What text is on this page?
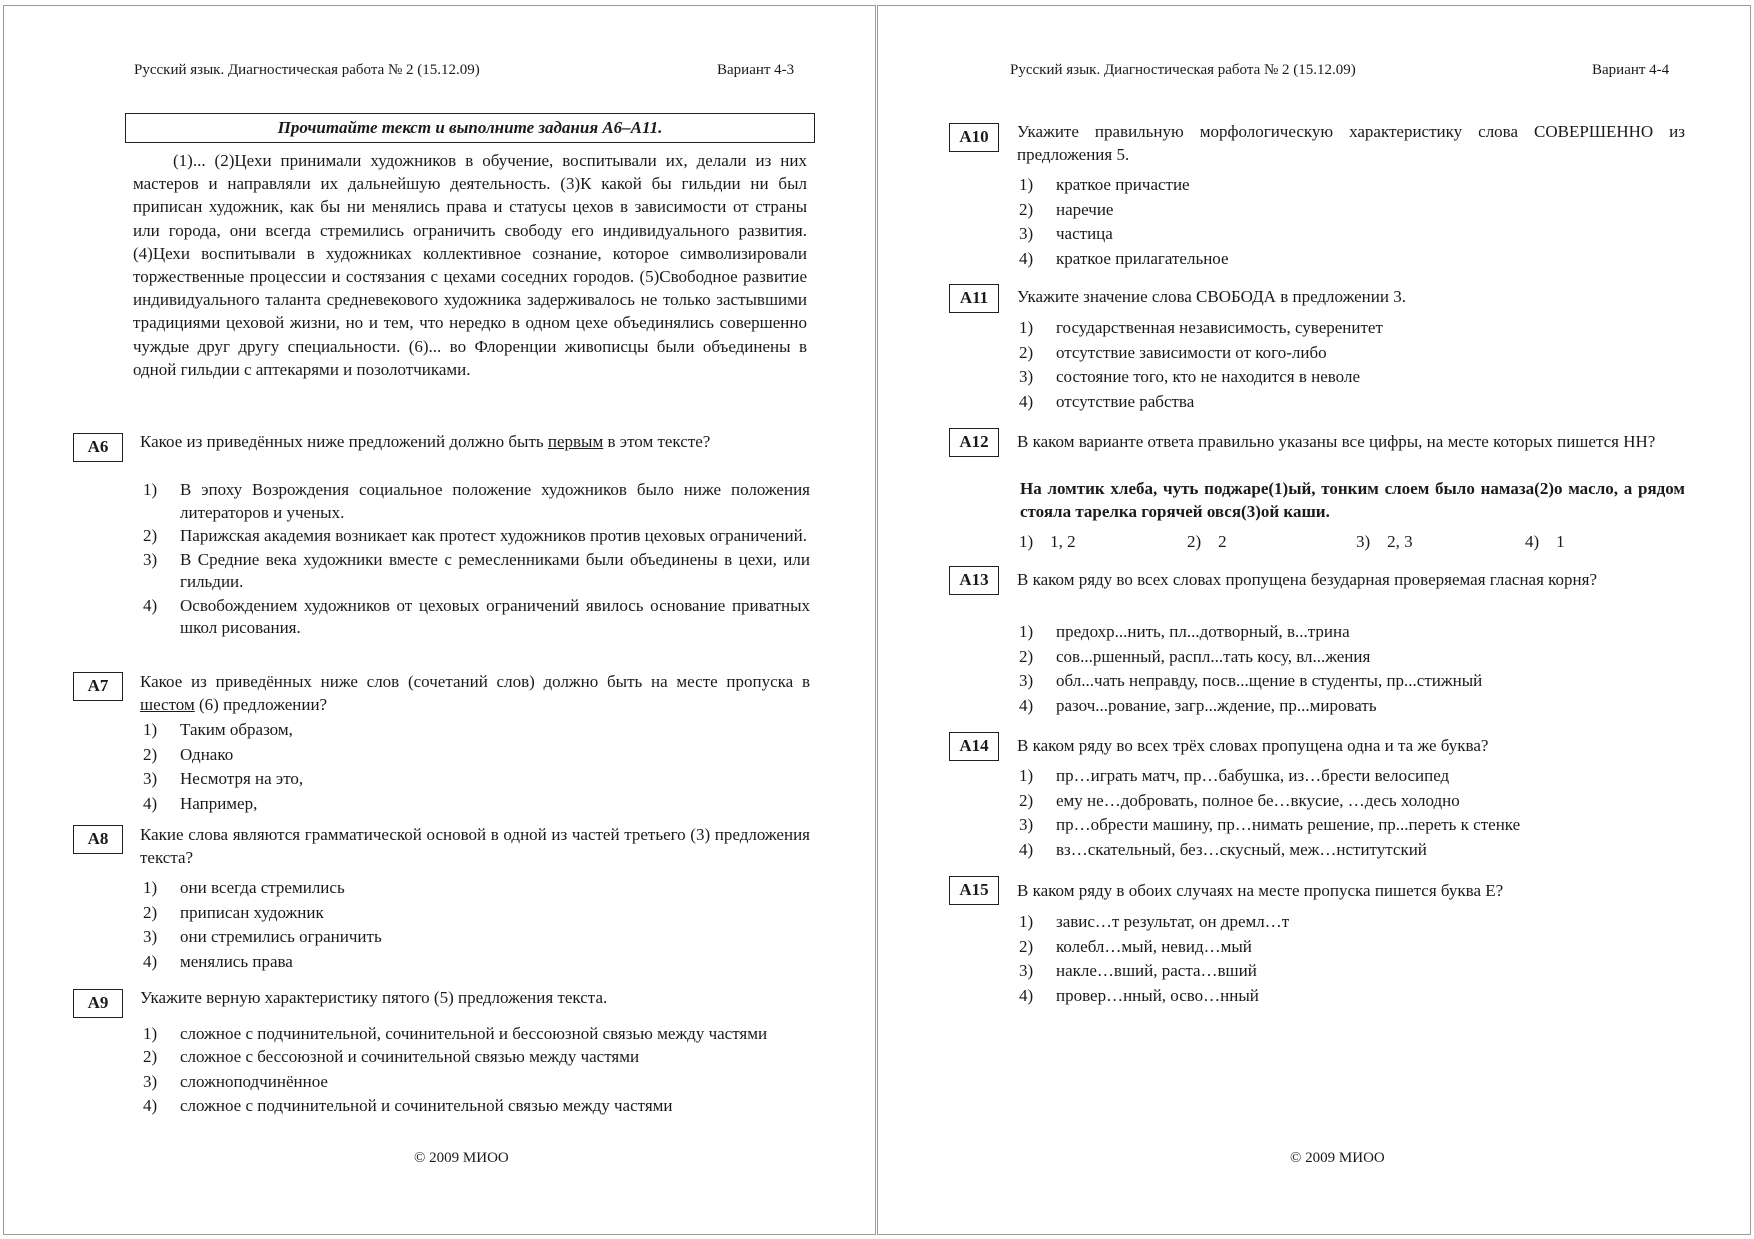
Русский язык. Диагностическая работа № 2 (15.12.09)	Вариант 4-3
Прочитайте текст и выполните задания А6–А11.
(1)... (2)Цехи принимали художников в обучение, воспитывали их, делали из них мастеров и направляли их дальнейшую деятельность. (3)К какой бы гильдии ни был приписан художник, как бы ни менялись права и статусы цехов в зависимости от страны или города, они всегда стремились ограничить свободу его индивидуального развития. (4)Цехи воспитывали в художниках коллективное сознание, которое символизировали торжественные процессии и состязания с цехами соседних городов. (5)Свободное развитие индивидуального таланта средневекового художника задерживалось не только застывшими традициями цеховой жизни, но и тем, что нередко в одном цехе объединялись совершенно чуждые друг другу специальности. (6)... во Флоренции живописцы были объединены в одной гильдии с аптекарями и позолотчиками.
А6	Какое из приведённых ниже предложений должно быть первым в этом тексте?
1) В эпоху Возрождения социальное положение художников было ниже положения литераторов и ученых.
2) Парижская академия возникает как протест художников против цеховых ограничений.
3) В Средние века художники вместе с ремесленниками были объединены в цехи, или гильдии.
4) Освобождением художников от цеховых ограничений явилось основание приватных школ рисования.
А7	Какое из приведённых ниже слов (сочетаний слов) должно быть на месте пропуска в шестом (6) предложении?
1) Таким образом,
2) Однако
3) Несмотря на это,
4) Например,
А8	Какие слова являются грамматической основой в одной из частей третьего (3) предложения текста?
1) они всегда стремились
2) приписан художник
3) они стремились ограничить
4) менялись права
А9	Укажите верную характеристику пятого (5) предложения текста.
1) сложное с подчинительной, сочинительной и бессоюзной связью между частями
2) сложное с бессоюзной и сочинительной связью между частями
3) сложноподчинённое
4) сложное с подчинительной и сочинительной связью между частями
© 2009 МИОО
Русский язык. Диагностическая работа № 2 (15.12.09)	Вариант 4-4
А10	Укажите правильную морфологическую характеристику слова СОВЕРШЕННО из предложения 5.
1) краткое причастие
2) наречие
3) частица
4) краткое прилагательное
А11	Укажите значение слова СВОБОДА в предложении 3.
1) государственная независимость, суверенитет
2) отсутствие зависимости от кого-либо
3) состояние того, кто не находится в неволе
4) отсутствие рабства
А12	В каком варианте ответа правильно указаны все цифры, на месте которых пишется НН?
На ломтик хлеба, чуть поджаре(1)ый, тонким слоем было намаза(2)о масло, а рядом стояла тарелка горячей овся(3)ой каши.
1) 1, 2	2) 2	3) 2, 3	4) 1
А13	В каком ряду во всех словах пропущена безударная проверяемая гласная корня?
1) предохр...нить, пл...дотворный, в...трина
2) сов...ршенный, распл...тать косу, вл...жения
3) обл...чать неправду, посв...щение в студенты, пр...стижный
4) разоч...рование, загр...ждение, пр...мировать
А14	В каком ряду во всех трёх словах пропущена одна и та же буква?
1) пр…играть матч, пр…бабушка, из…брести велосипед
2) ему не…добровать, полное бе…вкусие, …десь холодно
3) пр…обрести машину, пр…нимать решение, пр...переть к стенке
4) вз…скательный, без…скусный, меж…нститутский
А15	В каком ряду в обоих случаях на месте пропуска пишется буква Е?
1) завис…т результат, он дремл…т
2) колебл…мый, невид…мый
3) накле…вший, раста…вший
4) провер…нный, осво…нный
© 2009 МИОО
